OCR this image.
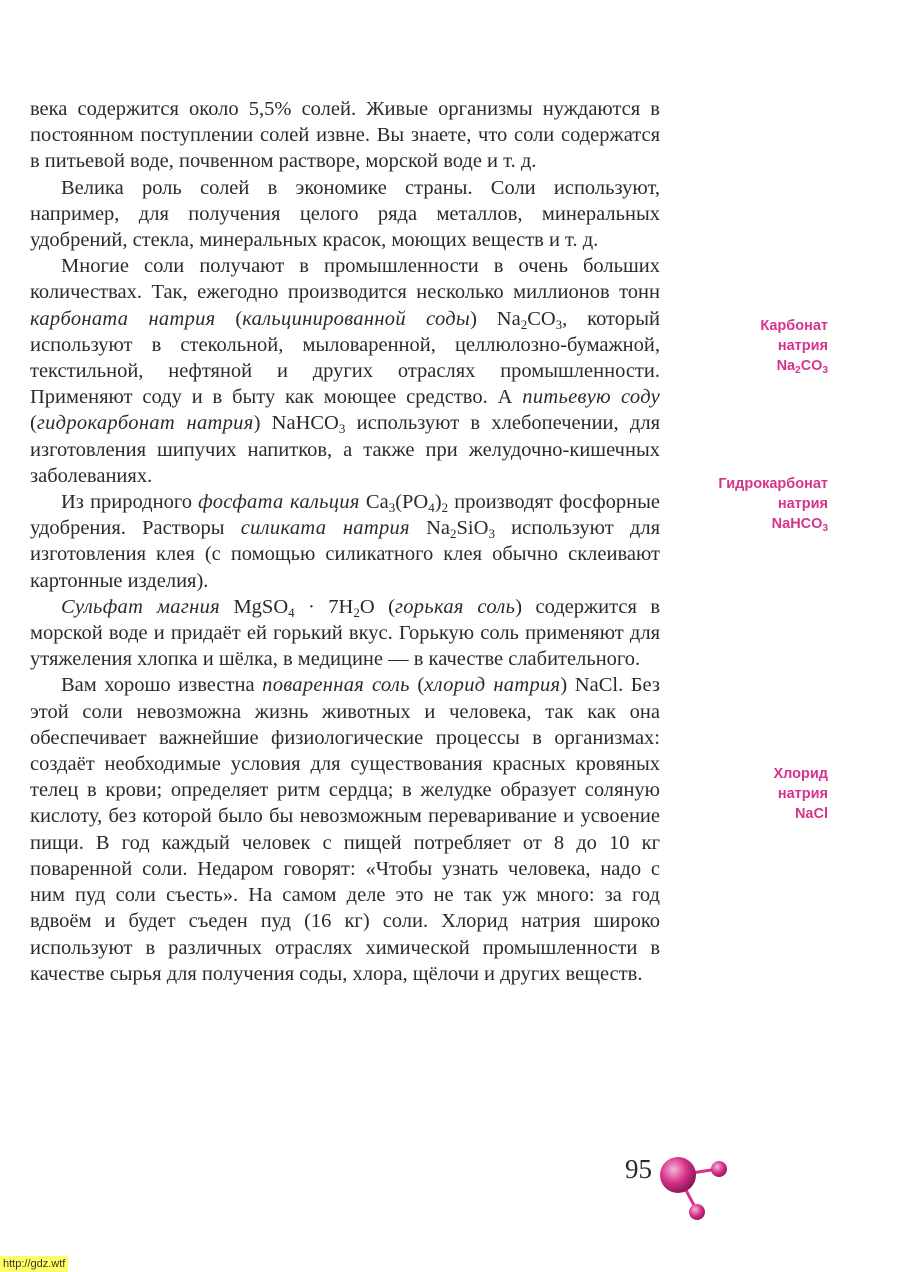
века содержится около 5,5% солей. Живые организмы нуждаются в постоянном поступлении солей извне. Вы знаете, что соли содержатся в питьевой воде, почвенном растворе, морской воде и т. д.

Велика роль солей в экономике страны. Соли используют, например, для получения целого ряда металлов, минеральных удобрений, стекла, минеральных красок, моющих веществ и т. д.

Многие соли получают в промышленности в очень больших количествах. Так, ежегодно производится несколько миллионов тонн карбоната натрия (кальцинированной соды) $Na_2CO_3$, который используют в стекольной, мыловаренной, целлюлозно-бумажной, текстильной, нефтяной и других отраслях промышленности. Применяют соду и в быту как моющее средство. А питьевую соду (гидрокарбонат натрия) NaHCO$_3$ используют в хлебопечении, для изготовления шипучих напитков, а также при желудочно-кишечных заболеваниях.

Из природного фосфата кальция $Ca_3(PO_4)_2$ производят фосфорные удобрения. Растворы силиката натрия $Na_2SiO_3$ используют для изготовления клея (с помощью силикатного клея обычно склеивают картонные изделия).

Сульфат магния MgSO$_4$ · $7H_2O$ (горькая соль) содержится в морской воде и придаёт ей горький вкус. Горькую соль применяют для утяжеления хлопка и шёлка, в медицине — в качестве слабительного.

Вам хорошо известна поваренная соль (хлорид натрия) NaCl. Без этой соли невозможна жизнь животных и человека, так как она обеспечивает важнейшие физиологические процессы в организмах: создаёт необходимые условия для существования красных кровяных телец в крови; определяет ритм сердца; в желудке образует соляную кислоту, без которой было бы невозможным переваривание и усвоение пищи. В год каждый человек с пищей потребляет от 8 до 10 кг поваренной соли. Недаром говорят: «Чтобы узнать человека, надо с ним пуд соли съесть». На самом деле это не так уж много: за год вдвоём и будет съеден пуд (16 кг) соли. Хлорид натрия широко используют в различных отраслях химической промышленности в качестве сырья для получения соды, хлора, щёлочи и других веществ.

Карбонат
натрия
$Na_2CO_3$
Гидрокарбонат
натрия
NaHCO$_3$
Хлорид
натрия
NaCl
95
http://gdz.wtf
